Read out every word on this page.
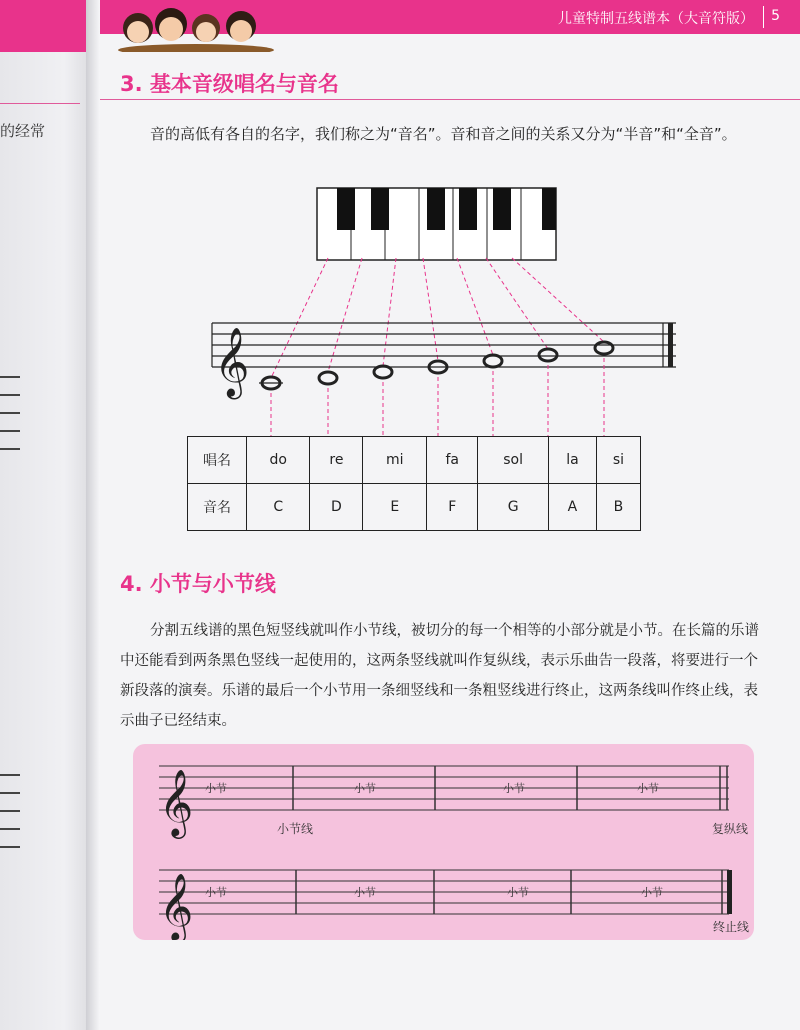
的经常
儿童特制五线谱本（大音符版） 5
3. 基本音级唱名与音名
音的高低有各自的名字，我们称之为“音名”。音和音之间的关系又分为“半音”和“全音”。
𝄞
唱名	do	re	mi	fa	sol	la	si
音名	C	D	E	F	G	A	B
4. 小节与小节线
分割五线谱的黑色短竖线就叫作小节线，被切分的每一个相等的小部分就是小节。在长篇的乐谱中还能看到两条黑色竖线一起使用的，这两条竖线就叫作复纵线，表示乐曲告一段落，将要进行一个新段落的演奏。乐谱的最后一个小节用一条细竖线和一条粗竖线进行终止，这两条线叫作终止线，表示曲子已经结束。
𝄞
𝄞
小节	小节	小节	小节
小节线	复纵线
小节	小节	小节	小节
终止线
